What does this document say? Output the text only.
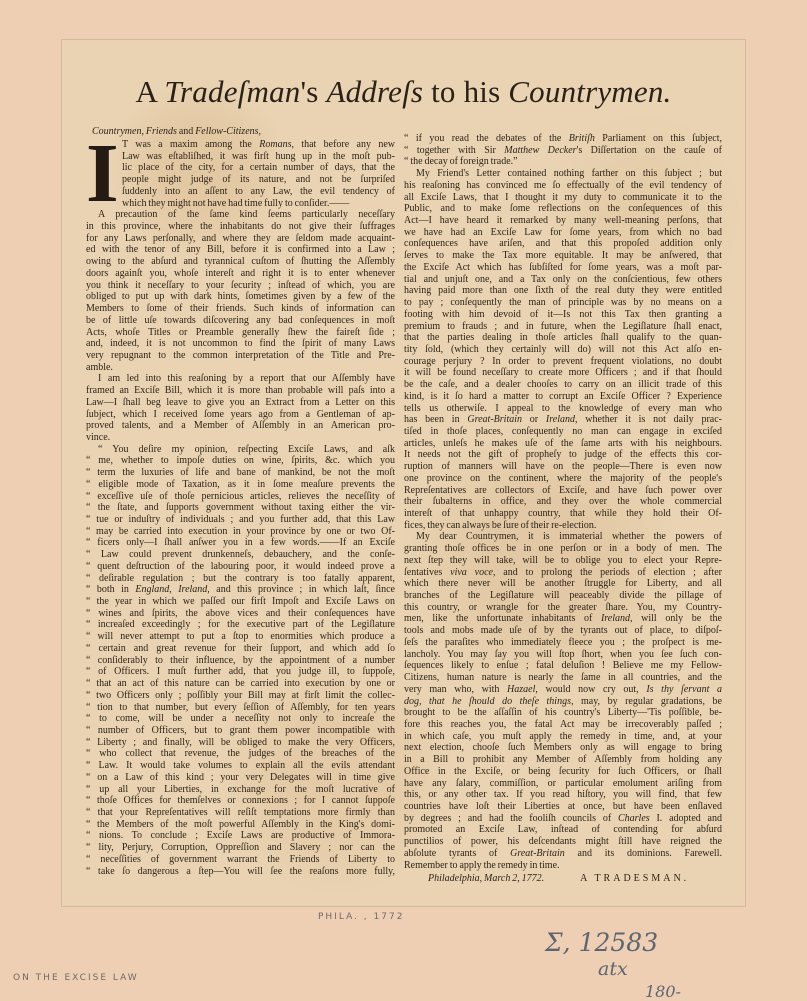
A Tradeſman's Addreſs to his Countrymen.
Countrymen, Friends and Fellow-Citizens,
I T was a maxim among the Romans, that before any new
Law was eſtabliſhed, it was firſt hung up in the moſt pub-
lic place of the city, for a certain number of days, that the
people might judge of its nature, and not be ſurpriſed
ſuddenly into an aſſent to any Law, the evil tendency of
which they might not have had time fully to conſider.——
A precaution of the ſame kind ſeems particularly neceſſary
in this province, where the inhabitants do not give their ſuffrages
for any Laws perſonally, and where they are ſeldom made acquaint-
ed with the tenor of any Bill, before it is confirmed into a Law ;
owing to the abſurd and tyrannical cuſtom of ſhutting the Aſſembly
doors againſt you, whoſe intereſt and right it is to enter whenever
you think it neceſſary to your ſecurity ; inſtead of which, you are
obliged to put up with dark hints, ſometimes given by a few of the
Members to ſome of their friends. Such kinds of information can
be of little uſe towards diſcovering any bad conſequences in moſt
Acts, whoſe Titles or Preamble generally ſhew the faireſt ſide ;
and, indeed, it is not uncommon to find the ſpirit of many Laws
very repugnant to the common interpretation of the Title and Pre-
amble.
I am led into this reaſoning by a report that our Aſſembly have
framed an Exciſe Bill, which it is more than probable will paſs into a
Law—I ſhall beg leave to give you an Extract from a Letter on this
ſubject, which I received ſome years ago from a Gentleman of ap-
proved talents, and a Member of Aſſembly in an American pro-
vince.
“ You deſire my opinion, reſpecting Exciſe Laws, and aſk
“ me, whether to impoſe duties on wine, ſpirits, &c. which you
“ term the luxuries of life and bane of mankind, be not the moſt
“ eligible mode of Taxation, as it in ſome meaſure prevents the
“ exceſſive uſe of thoſe pernicious articles, relieves the neceſſity of
“ the ſtate, and ſupports government without taxing either the vir-
“ tue or induſtry of individuals ; and you further add, that this Law
“ may be carried into execution in your province by one or two Of-
“ ficers only—I ſhall anſwer you in a few words.——If an Exciſe
“ Law could prevent drunkenneſs, debauchery, and the conſe-
“ quent deſtruction of the labouring poor, it would indeed prove a
“ deſirable regulation ; but the contrary is too fatally apparent,
“ both in England, Ireland, and this province ; in which laſt, ſince
“ the year in which we paſſed our firſt Impoſt and Exciſe Laws on
“ wines and ſpirits, the above vices and their conſequences have
“ increaſed exceedingly ; for the executive part of the Legiſlature
“ will never attempt to put a ſtop to enormities which produce a
“ certain and great revenue for their ſupport, and which add ſo
“ conſiderably to their influence, by the appointment of a number
“ of Officers. I muſt further add, that you judge ill, to ſuppoſe,
“ that an act of this nature can be carried into execution by one or
“ two Officers only ; poſſibly your Bill may at firſt limit the collec-
“ tion to that number, but every ſeſſion of Aſſembly, for ten years
“ to come, will be under a neceſſity not only to increaſe the
“ number of Officers, but to grant them power incompatible with
“ Liberty ; and finally, will be obliged to make the very Officers,
“ who collect that revenue, the judges of the breaches of the
“ Law. It would take volumes to explain all the evils attendant
“ on a Law of this kind ; your very Delegates will in time give
“ up all your Liberties, in exchange for the moſt lucrative of
“ thoſe Offices for themſelves or connexions ; for I cannot ſuppoſe
“ that your Repreſentatives will reſiſt temptations more firmly than
“ the Members of the moſt powerful Aſſembly in the King's domi-
“ nions. To conclude ; Exciſe Laws are productive of Immora-
“ lity, Perjury, Corruption, Oppreſſion and Slavery ; nor can the
“ neceſſities of government warrant the Friends of Liberty to
“ take ſo dangerous a ſtep—You will ſee the reaſons more fully,
“ if you read the debates of the Britiſh Parliament on this ſubject,
“ together with Sir Matthew Decker's Diſſertation on the cauſe of
“ the decay of foreign trade.”
My Friend's Letter contained nothing farther on this ſubject ; but
his reaſoning has convinced me ſo effectually of the evil tendency of
all Exciſe Laws, that I thought it my duty to communicate it to the
Public, and to make ſome reflections on the conſequences of this
Act—I have heard it remarked by many well-meaning perſons, that
we have had an Exciſe Law for ſome years, from which no bad
conſequences have ariſen, and that this propoſed addition only
ſerves to make the Tax more equitable. It may be anſwered, that
the Exciſe Act which has ſubſiſted for ſome years, was a moſt par-
tial and unjuſt one, and a Tax only on the conſcientious, few others
having paid more than one ſixth of the real duty they were entitled
to pay ; conſequently the man of principle was by no means on a
footing with him devoid of it—Is not this Tax then granting a
premium to frauds ; and in future, when the Legiſlature ſhall enact,
that the parties dealing in thoſe articles ſhall qualify to the quan-
tity ſold, (which they certainly will do) will not this Act alſo en-
courage perjury ? In order to prevent frequent violations, no doubt
it will be found neceſſary to create more Officers ; and if that ſhould
be the caſe, and a dealer chooſes to carry on an illicit trade of this
kind, is it ſo hard a matter to corrupt an Exciſe Officer ? Experience
tells us otherwiſe. I appeal to the knowledge of every man who
has been in Great-Britain or Ireland, whether it is not daily prac-
tiſed in thoſe places, conſequently no man can engage in exciſed
articles, unleſs he makes uſe of the ſame arts with his neighbours.
It needs not the gift of propheſy to judge of the effects this cor-
ruption of manners will have on the people—There is even now
one province on the continent, where the majority of the people's
Repreſentatives are collectors of Exciſe, and have ſuch power over
their ſubalterns in office, and they over the whole commercial
intereſt of that unhappy country, that while they hold their Of-
fices, they can always be ſure of their re-election.
My dear Countrymen, it is immaterial whether the powers of
granting thoſe offices be in one perſon or in a body of men. The
next ſtep they will take, will be to oblige you to elect your Repre-
ſentatives viva voce, and to prolong the periods of election ; after
which there never will be another ſtruggle for Liberty, and all
branches of the Legiſlature will peaceably divide the pillage of
this country, or wrangle for the greater ſhare. You, my Country-
men, like the unfortunate inhabitants of Ireland, will only be the
tools and mobs made uſe of by the tyrants out of place, to diſpoſ-
ſeſs the paraſites who immediately fleece you ; the proſpect is me-
lancholy. You may ſay you will ſtop ſhort, when you ſee ſuch con-
ſequences likely to enſue ; fatal deluſion ! Believe me my Fellow-
Citizens, human nature is nearly the ſame in all countries, and the
very man who, with Hazael, would now cry out, Is thy ſervant a
dog, that he ſhould do theſe things, may, by regular gradations, be
brought to be the aſſaſſin of his country's Liberty—'Tis poſſible, be-
fore this reaches you, the fatal Act may be irrecoverably paſſed ;
in which caſe, you muſt apply the remedy in time, and, at your
next election, chooſe ſuch Members only as will engage to bring
in a Bill to prohibit any Member of Aſſembly from holding any
Office in the Exciſe, or being ſecurity for ſuch Officers, or ſhall
have any ſalary, commiſſion, or particular emolument ariſing from
this, or any other tax. If you read hiſtory, you will find, that few
countries have loſt their Liberties at once, but have been enſlaved
by degrees ; and had the fooliſh councils of Charles I. adopted and
promoted an Exciſe Law, inſtead of contending for abſurd
punctilios of power, his deſcendants might ſtill have reigned the
abſolute tyrants of Great-Britain and its dominions. Farewell.
Remember to apply the remedy in time.
Philadelphia, March 2, 1772.	A TRADESMAN.
PHILA. , 1772
ON THE EXCISE LAW
Σ, 12583
atx
180-
